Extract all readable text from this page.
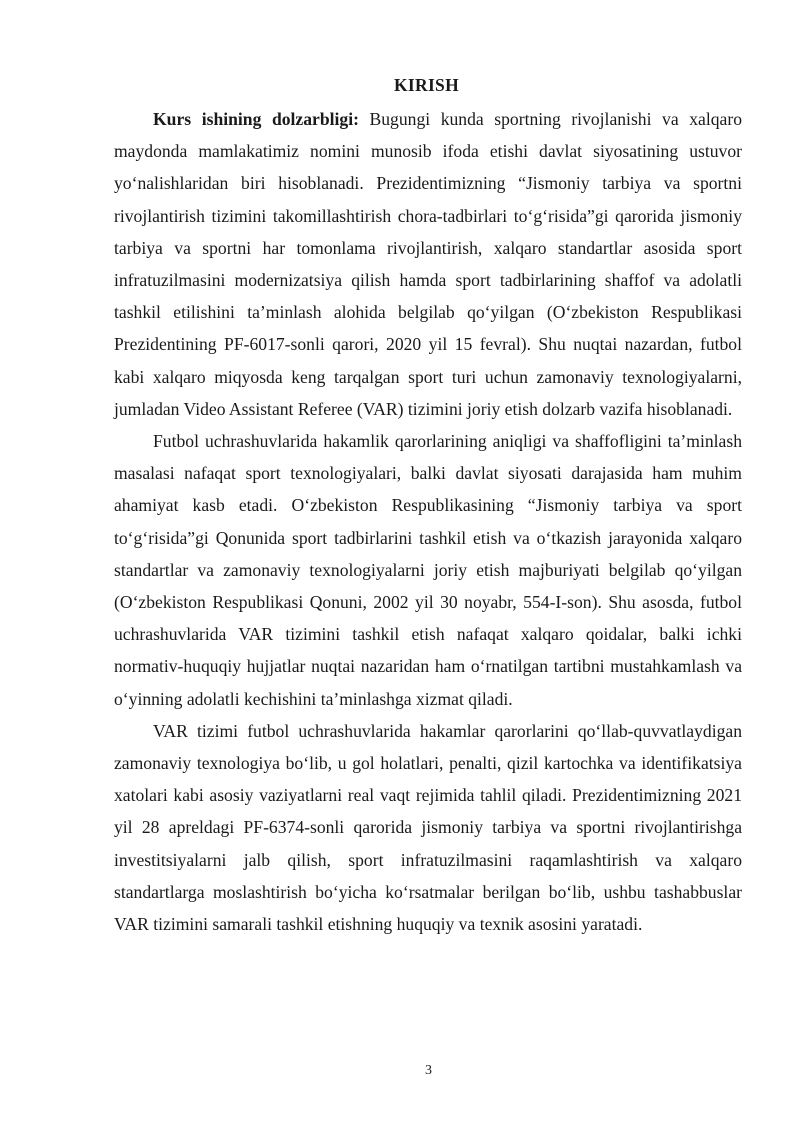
KIRISH

Kurs ishining dolzarbligi: Bugungi kunda sportning rivojlanishi va xalqaro maydonda mamlakatimiz nomini munosib ifoda etishi davlat siyosatining ustuvor yo‘nalishlaridan biri hisoblanadi. Prezidentimizning “Jismoniy tarbiya va sportni rivojlantirish tizimini takomillashtirish chora-tadbirlari to‘g‘risida”gi qarorida jismoniy tarbiya va sportni har tomonlama rivojlantirish, xalqaro standartlar asosida sport infratuzilmasini modernizatsiya qilish hamda sport tadbirlarining shaffof va adolatli tashkil etilishini ta’minlash alohida belgilab qo‘yilgan (O‘zbekiston Respublikasi Prezidentining PF-6017-sonli qarori, 2020 yil 15 fevral). Shu nuqtai nazardan, futbol kabi xalqaro miqyosda keng tarqalgan sport turi uchun zamonaviy texnologiyalarni, jumladan Video Assistant Referee (VAR) tizimini joriy etish dolzarb vazifa hisoblanadi.

Futbol uchrashuvlarida hakamlik qarorlarining aniqligi va shaffofligini ta’minlash masalasi nafaqat sport texnologiyalari, balki davlat siyosati darajasida ham muhim ahamiyat kasb etadi. O‘zbekiston Respublikasining “Jismoniy tarbiya va sport to‘g‘risida”gi Qonunida sport tadbirlarini tashkil etish va o‘tkazish jarayonida xalqaro standartlar va zamonaviy texnologiyalarni joriy etish majburiyati belgilab qo‘yilgan (O‘zbekiston Respublikasi Qonuni, 2002 yil 30 noyabr, 554-I-son). Shu asosda, futbol uchrashuvlarida VAR tizimini tashkil etish nafaqat xalqaro qoidalar, balki ichki normativ-huquqiy hujjatlar nuqtai nazaridan ham o‘rnatilgan tartibni mustahkamlash va o‘yinning adolatli kechishini ta’minlashga xizmat qiladi.

VAR tizimi futbol uchrashuvlarida hakamlar qarorlarini qo‘llab-quvvatlaydigan zamonaviy texnologiya bo‘lib, u gol holatlari, penalti, qizil kartochka va identifikatsiya xatolari kabi asosiy vaziyatlarni real vaqt rejimida tahlil qiladi. Prezidentimizning 2021 yil 28 apreldagi PF-6374-sonli qarorida jismoniy tarbiya va sportni rivojlantirishga investitsiyalarni jalb qilish, sport infratuzilmasini raqamlashtirish va xalqaro standartlarga moslashtirish bo‘yicha ko‘rsatmalar berilgan bo‘lib, ushbu tashabbuslar VAR tizimini samarali tashkil etishning huquqiy va texnik asosini yaratadi.

3
